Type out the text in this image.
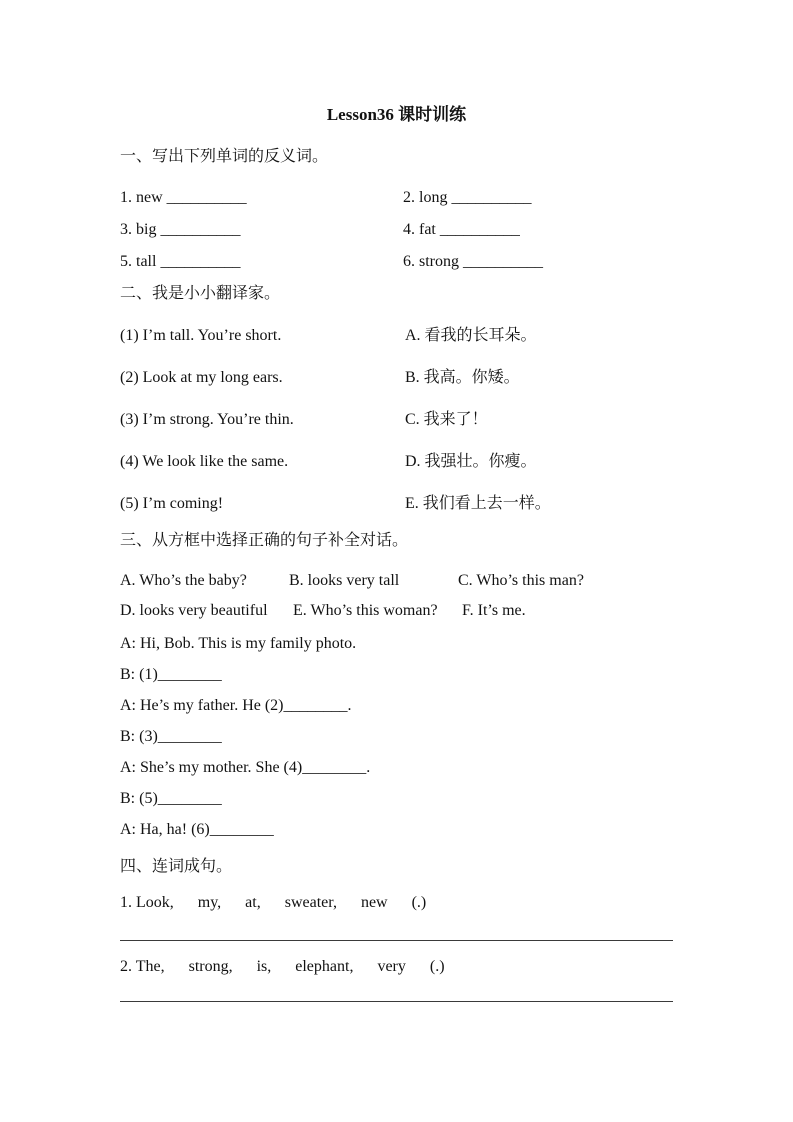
Lesson36 课时训练
一、写出下列单词的反义词。
1. new __________	2. long __________
3. big __________	4. fat __________
5. tall __________	6. strong __________
二、我是小小翻译家。
(1) I’m tall. You’re short.	A. 看我的长耳朵。
(2) Look at my long ears.	B. 我高。你矮。
(3) I’m strong. You’re thin.	C. 我来了！
(4) We look like the same.	D. 我强壮。你瘦。
(5) I’m coming!	E. 我们看上去一样。
三、从方框中选择正确的句子补全对话。
A. Who’s the baby?	B. looks very tall	C. Who’s this man?
D. looks very beautiful E. Who’s this woman? F. It’s me.
A: Hi, Bob. This is my family photo.
B: (1)________
A: He’s my father. He (2)________.
B: (3)________
A: She’s my mother. She (4)________.
B: (5)________
A: Ha, ha! (6)________
四、连词成句。
1. Look,      my,      at,      sweater,      new      (.)
2. The,      strong,      is,      elephant,      very      (.)
